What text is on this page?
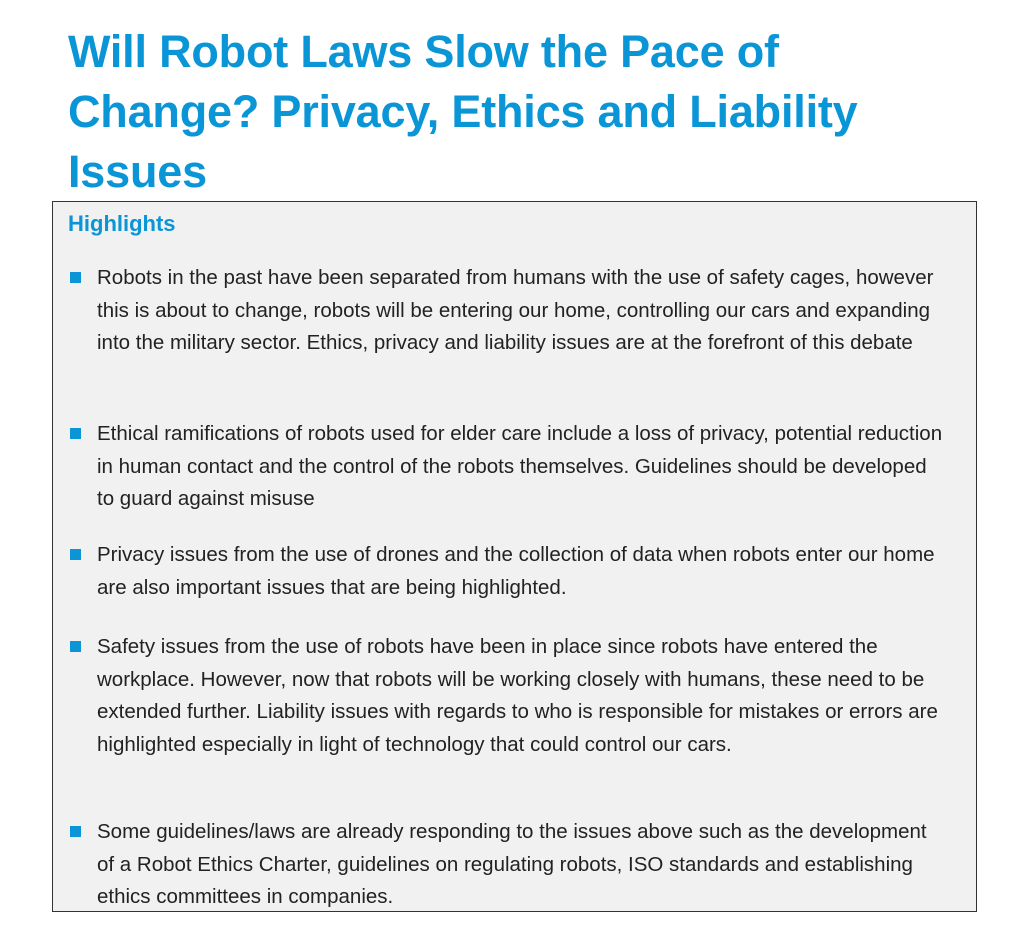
Will Robot Laws Slow the Pace of Change? Privacy, Ethics and Liability Issues
Highlights

Robots in the past have been separated from humans with the use of safety cages, however this is about to change, robots will be entering our home, controlling our cars and expanding into the military sector. Ethics, privacy and liability issues are at the forefront of this debate

Ethical ramifications of robots used for elder care include a loss of privacy, potential reduction in human contact and the control of the robots themselves. Guidelines should be developed to guard against misuse

Privacy issues from the use of drones and the collection of data when robots enter our home are also important issues that are being highlighted.

Safety issues from the use of robots have been in place since robots have entered the workplace. However, now that robots will be working closely with humans, these need to be extended further. Liability issues with regards to who is responsible for mistakes or errors are highlighted especially in light of technology that could control our cars.

Some guidelines/laws are already responding to the issues above such as the development of a Robot Ethics Charter, guidelines on regulating robots, ISO standards and establishing ethics committees in companies.
